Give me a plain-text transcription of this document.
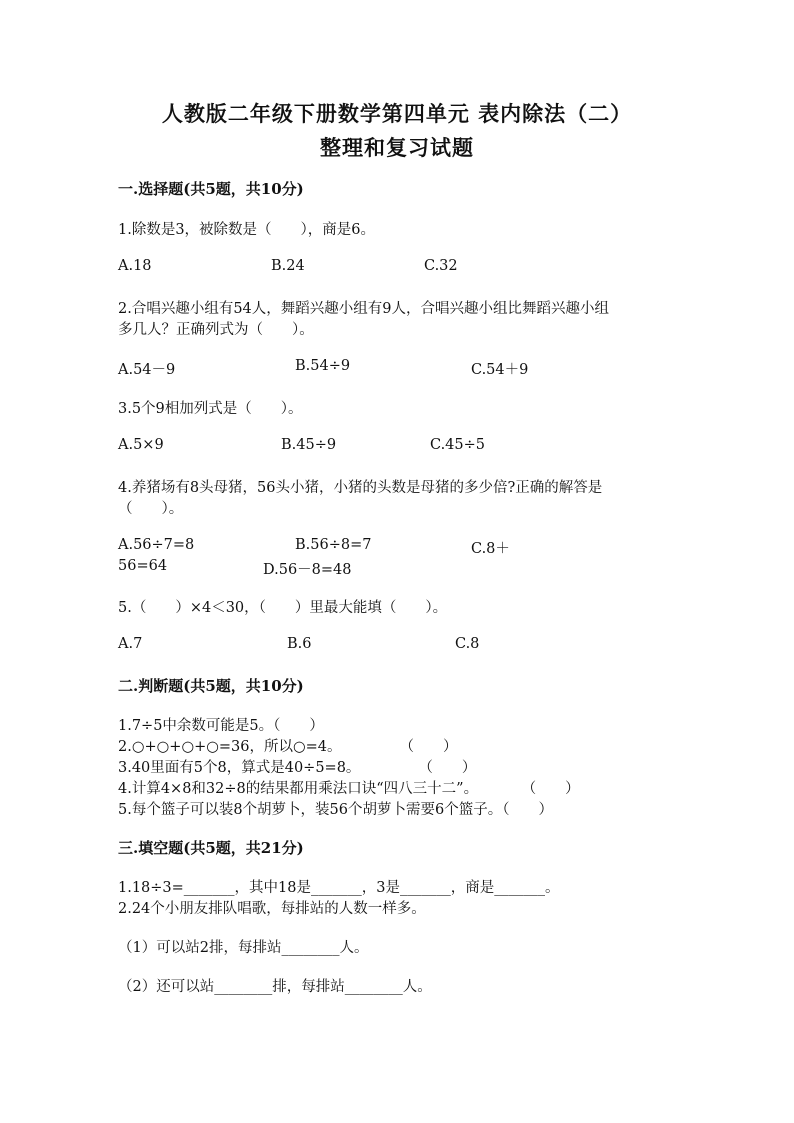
人教版二年级下册数学第四单元 表内除法（二）
整理和复习试题
一.选择题(共5题，共10分)
1.除数是3，被除数是（　　），商是6。
A.18	B.24	C.32
2.合唱兴趣小组有54人，舞蹈兴趣小组有9人，合唱兴趣小组比舞蹈兴趣小组
多几人？正确列式为（　　）。
A.54－9	B.54÷9	C.54＋9
3.5个9相加列式是（　　）。
A.5×9	B.45÷9	C.45÷5
4.养猪场有8头母猪，56头小猪，小猪的头数是母猪的多少倍?正确的解答是
（　　）。
A.56÷7=8	B.56÷8=7	C.8＋
56=64	D.56－8=48
5.（　　）×4＜30，（　　）里最大能填（　　）。
A.7	B.6	C.8
二.判断题(共5题，共10分)
1.7÷5中余数可能是5。（　　）
2.○+○+○+○=36，所以○=4。　　　　　（　　）
3.40里面有5个8，算式是40÷5=8。　　　　　（　　）
4.计算4×8和32÷8的结果都用乘法口诀“四八三十二”。　　　　（　　）
5.每个篮子可以装8个胡萝卜，装56个胡萝卜需要6个篮子。（　　）
三.填空题(共5题，共21分)
1.18÷3=_______，其中18是_______，3是_______，商是_______。
2.24个小朋友排队唱歌，每排站的人数一样多。
（1）可以站2排，每排站________人。
（2）还可以站________排，每排站________人。
